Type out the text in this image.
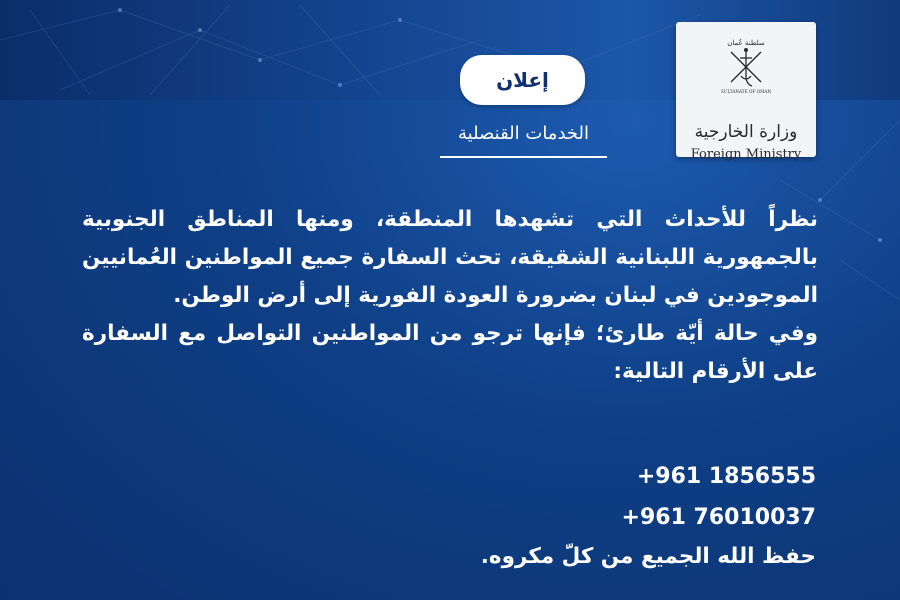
إعلان
الخدمات القنصلية
سلطنة عُمان
SULTANATE OF OMAN
وزارة الخارجية
Foreign Ministry

نظراً للأحداث التي تشهدها المنطقة، ومنها المناطق الجنوبية بالجمهورية اللبنانية الشقيقة، تحث السفارة جميع المواطنين العُمانيين الموجودين في لبنان بضرورة العودة الفورية إلى أرض الوطن.

وفي حالة أيّة طارئ؛ فإنها ترجو من المواطنين التواصل مع السفارة على الأرقام التالية:

+961 1856555
+961 76010037
حفظ الله الجميع من كلّ مكروه.
